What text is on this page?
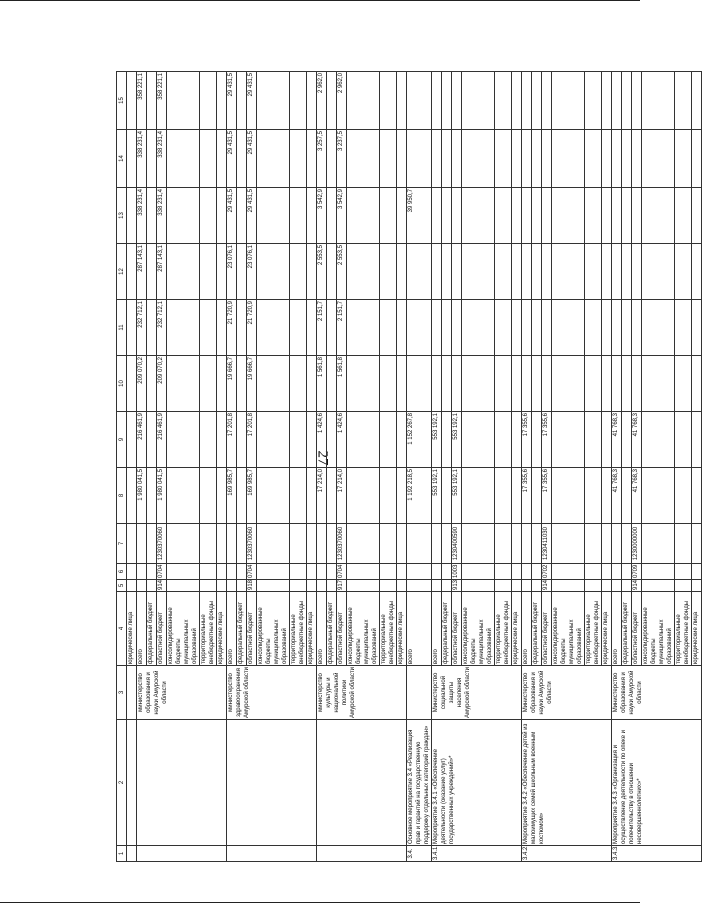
27
1	2	3	4	5	6	7	8	9	10	11	12	13	14	15
			юридические лица											
		министерство образования и науки Амурской области	всего				1 980 041,5	216 461,9	209 070,2	232 712,1	287 143,1	338 231,4	338 231,4	358 221,1
			федеральный бюджет											
			областной бюджет	914	0704	1230370060	1 980 041,5	216 461,9	209 070,2	232 712,1	287 143,1	338 231,4	338 231,4	358 221,1
			консолидированные бюджеты муниципальных образований											
			территориальные внебюджетные фонды											
			юридические лица											
		министерство здравоохранения Амурской области	всего				169 985,7	17 201,8	19 666,7	21 720,9	23 076,1	29 431,5	29 431,5	29 431,5
			федеральный бюджет											
			областной бюджет	918	0704	1230370060	169 985,7	17 201,8	19 666,7	21 720,9	23 076,1	29 431,5	29 431,5	29 431,5
			консолидированные бюджеты муниципальных образований											
			территориальные внебюджетные фонды											
			юридические лица											
		министерство культуры и национальной политики Амурской области	всего				17 214,0	1 424,6	1 561,8	2 151,7	2 553,5	3 542,9	3 257,5	2 962,0
			федеральный бюджет											
			областной бюджет	917	0704	1230370060	17 214,0	1 424,6	1 561,8	2 151,7	2 553,5	3 542,9	3 237,5	2 962,0
			консолидированные бюджеты муниципальных образований											
			территориальные внебюджетные фонды											
			юридические лица											
3.4.	Основное мероприятие 3.4 «Реализация прав и гарантий на государственную поддержку отдельных категорий граждан»		всего				1 192 218,5	1 152 267,8				39 950,7		
3.4.1.	Мероприятие 3.4.1 «Обеспечение деятельности (оказание услуг) государственных учреждений»*	Министерство социальной защиты населения Амурской области	всего				553 192,1	553 192,1						
			федеральный бюджет											
			областной бюджет	913	1003	1230400590	553 192,1	553 192,1						
			консолидированные бюджеты муниципальных образований											
			территориальные внебюджетные фонды											
			юридические лица											
3.4.2.	Мероприятие 3.4.2 «Обеспечение детей из малоимущих семей школьным военным костюмом»	Министерство образования и науки Амурской области	всего				17 355,6	17 355,6						
			федеральный бюджет											
			областной бюджет	914	0702	1230411030	17 355,6	17 355,6						
			консолидированные бюджеты муниципальных образований											
			территориальные внебюджетные фонды											
			юридические лица											
3.4.3.	Мероприятие 3.4.3 «Организация и осуществление деятельности по опеке и попечительству в отношении несовершеннолетних»*	Министерство образования и науки Амурской области	всего				41 768,3	41 768,3						
			федеральный бюджет											
			областной бюджет	914	0709	1230000000	41 768,3	41 768,3						
			консолидированные бюджеты муниципальных образований											
			территориальные внебюджетные фонды											
			юридические лица											
